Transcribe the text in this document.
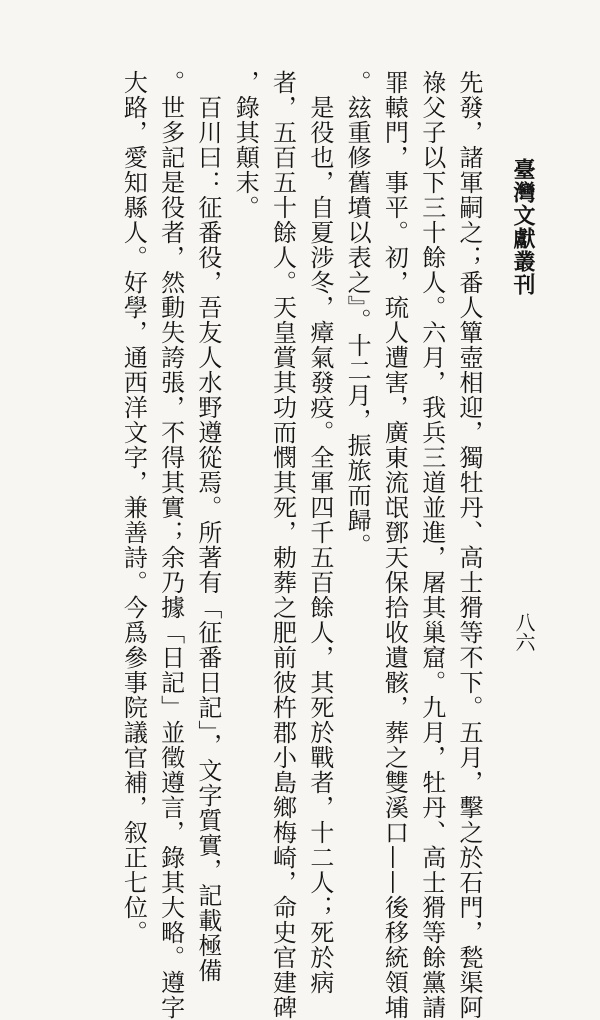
臺灣文獻叢刊
八六
先發，諸軍嗣之；番人簞壺相迎，獨牡丹、高士猾等不下。五月，擊之於石門，甃渠阿
祿父子以下三十餘人。六月，我兵三道並進，屠其巢窟。九月，牡丹、高士猾等餘黨請
罪轅門，事平。初，琉人遭害，廣東流氓鄧天保拾收遺骸，葬之雙溪口——後移統領埔
。玆重修舊墳以表之』。十二月，振旅而歸。
　是役也，自夏涉冬，瘴氣發疫。全軍四千五百餘人，其死於戰者，十二人；死於病
者，五百五十餘人。天皇賞其功而憫其死，勅葬之肥前彼杵郡小島鄉梅崎，命史官建碑
，錄其顛末。
　百川曰：征番役，吾友人水野遵從焉。所著有「征番日記」，文字質實，記載極備
。世多記是役者，然動失誇張，不得其實；余乃據「日記」並徵遵言，錄其大略。遵字
大路，愛知縣人。好學，通西洋文字，兼善詩。今爲參事院議官補，叙正七位。
